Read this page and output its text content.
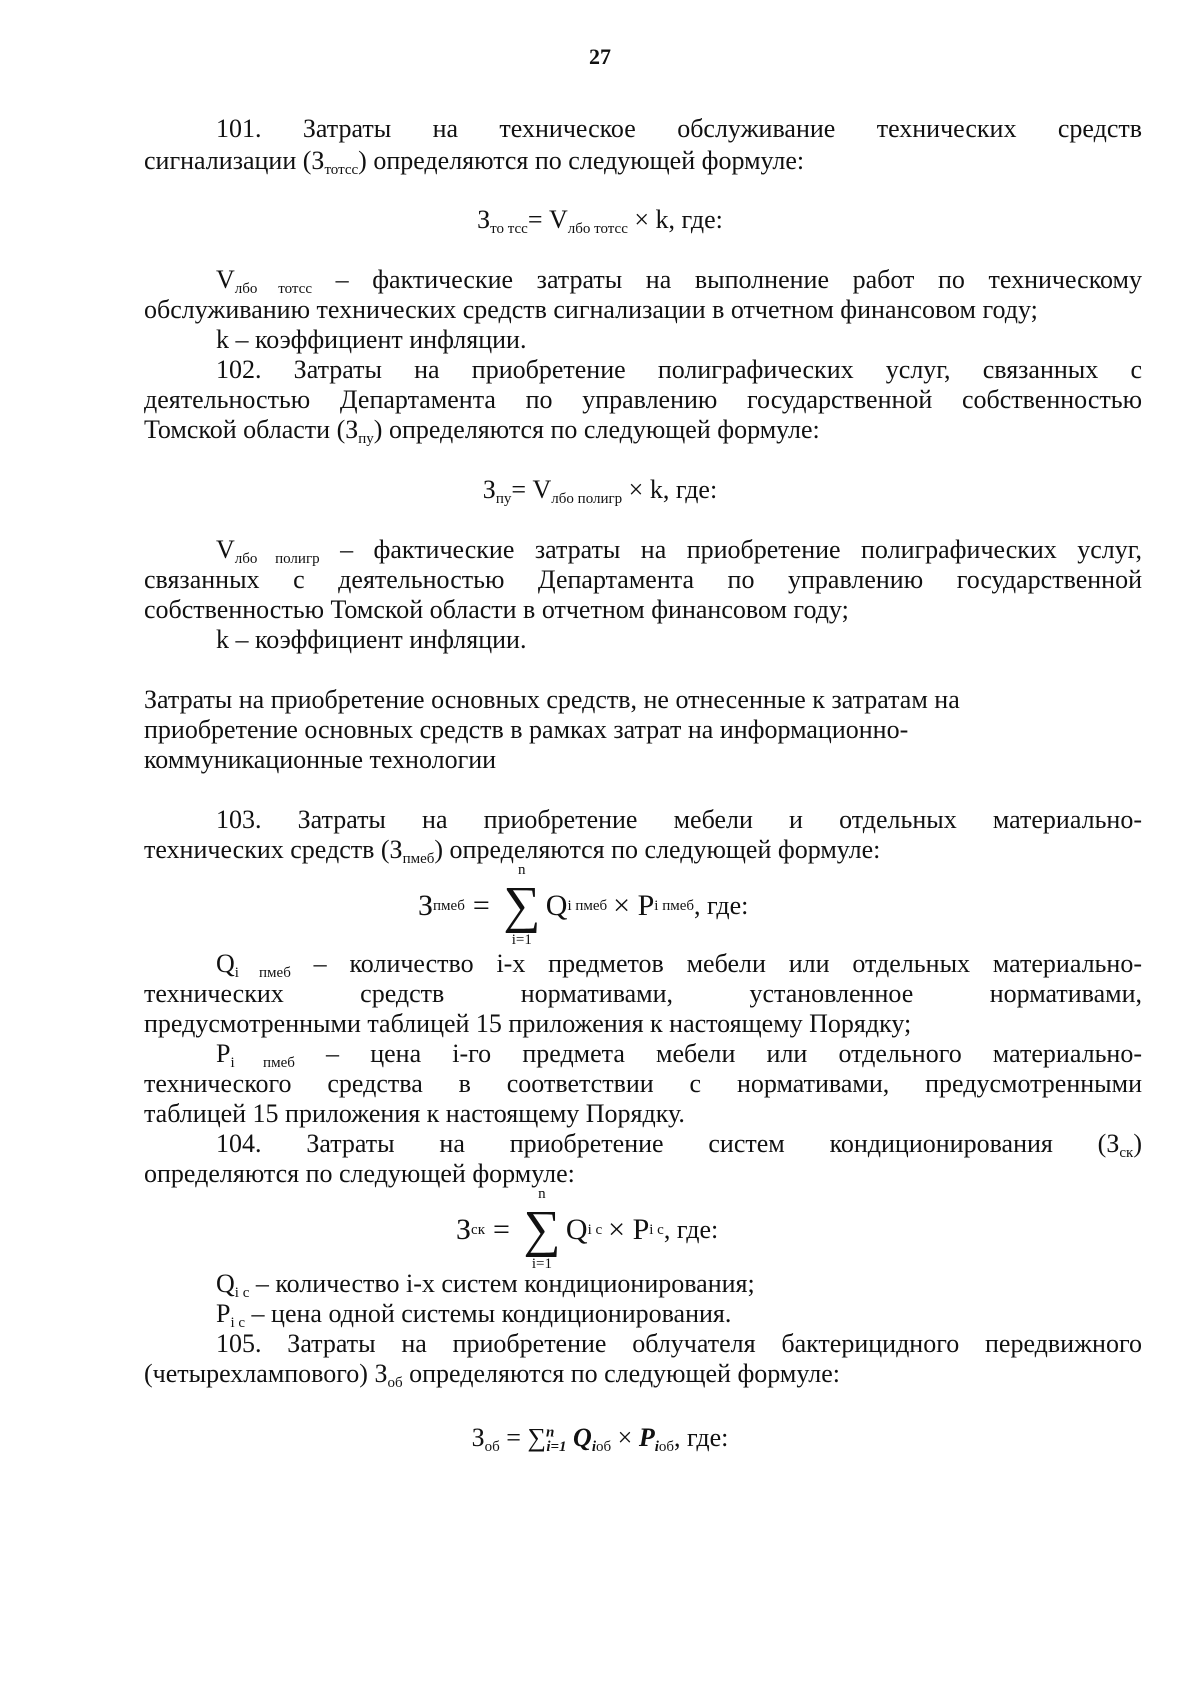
27

101. Затраты на техническое обслуживание технических средств

сигнализации $(З_{тотсс})$ определяются по следующей формуле:

$З_{то тсс}= V_{лбо тотсс} \times k$, где:

$V_{лбо тотсс}$ – фактические затраты на выполнение работ по техническому

обслуживанию технических средств сигнализации в отчетном финансовом году;

k – коэффициент инфляции.

102. Затраты на приобретение полиграфических услуг, связанных с

деятельностью Департамента по управлению государственной собственностью

Томской области $(З_{пу})$ определяются по следующей формуле:

$З_{пу}= V_{лбо полигр} \times k$, где:

$V_{лбо полигр}$ – фактические затраты на приобретение полиграфических услуг,

связанных с деятельностью Департамента по управлению государственной

собственностью Томской области в отчетном финансовом году;

k – коэффициент инфляции.

Затраты на приобретение основных средств, не отнесенные к затратам на

приобретение основных средств в рамках затрат на информационно-

коммуникационные технологии

103. Затраты на приобретение мебели и отдельных материально-

технических средств $(З_{пмеб})$ определяются по следующей формуле:

З пмеб =
n
∑
i=1
Q i пмеб × P i пмеб , где:

$Q_{i пмеб}$ – количество i-х предметов мебели или отдельных материально-

технических средств нормативами, установленное нормативами,

предусмотренными таблицей 15 приложения к настоящему Порядку;

$P_{i пмеб}$ – цена i-го предмета мебели или отдельного материально-

технического средства в соответствии с нормативами, предусмотренными

таблицей 15 приложения к настоящему Порядку.

104. Затраты на приобретение систем кондиционирования $(З_{ск})$

определяются по следующей формуле:

З ск =
n
∑
i=1
Q i c × P i c , где:

$Q_{i c}$ – количество i-х систем кондиционирования;

$P_{i c}$ – цена одной системы кондиционирования.

105. Затраты на приобретение облучателя бактерицидного передвижного

(четырехлампового) $З_{об}$ определяются по следующей формуле:

$З_{об} = \sum^n_{i=1}$ $Q_{iоб} \times P_{iоб}$, где:
